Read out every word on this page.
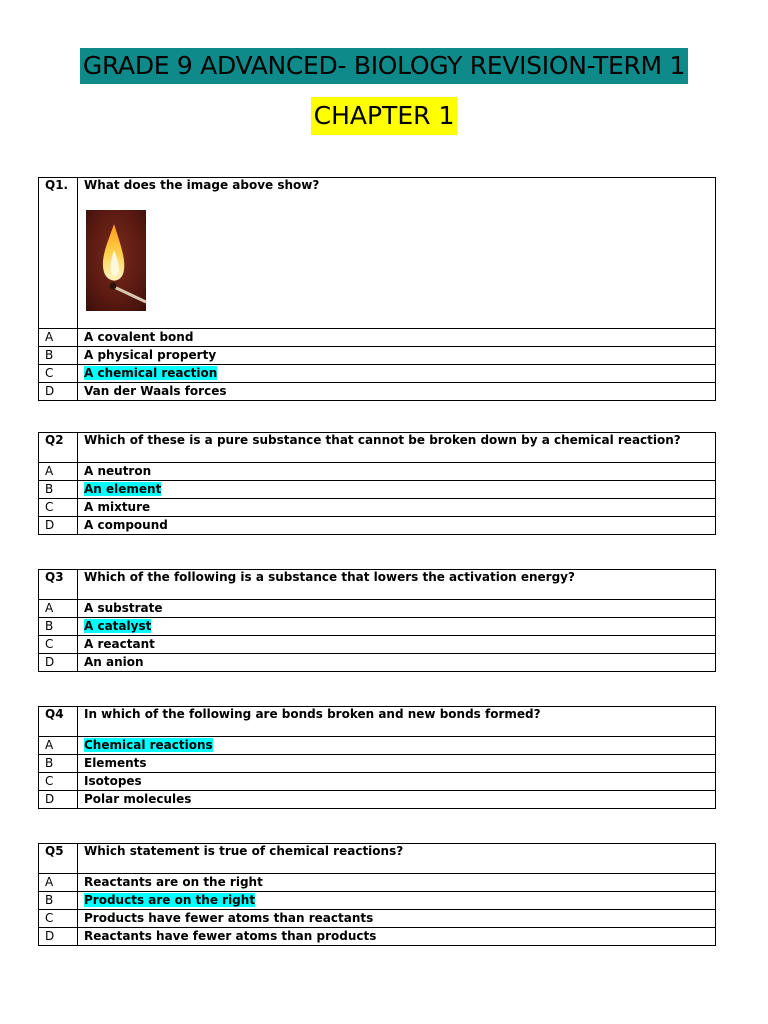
GRADE 9 ADVANCED- BIOLOGY REVISION-TERM 1
CHAPTER 1
Q1.	What does the image above show?

A	A covalent bond
B	A physical property
C	A chemical reaction
D	Van der Waals forces
Q2	Which of these is a pure substance that cannot be broken down by a chemical reaction?
A	A neutron
B	An element
C	A mixture
D	A compound
Q3	Which of the following is a substance that lowers the activation energy?
A	A substrate
B	A catalyst
C	A reactant
D	An anion
Q4	In which of the following are bonds broken and new bonds formed?
A	Chemical reactions
B	Elements
C	Isotopes
D	Polar molecules
Q5	Which statement is true of chemical reactions?
A	Reactants are on the right
B	Products are on the right
C	Products have fewer atoms than reactants
D	Reactants have fewer atoms than products
